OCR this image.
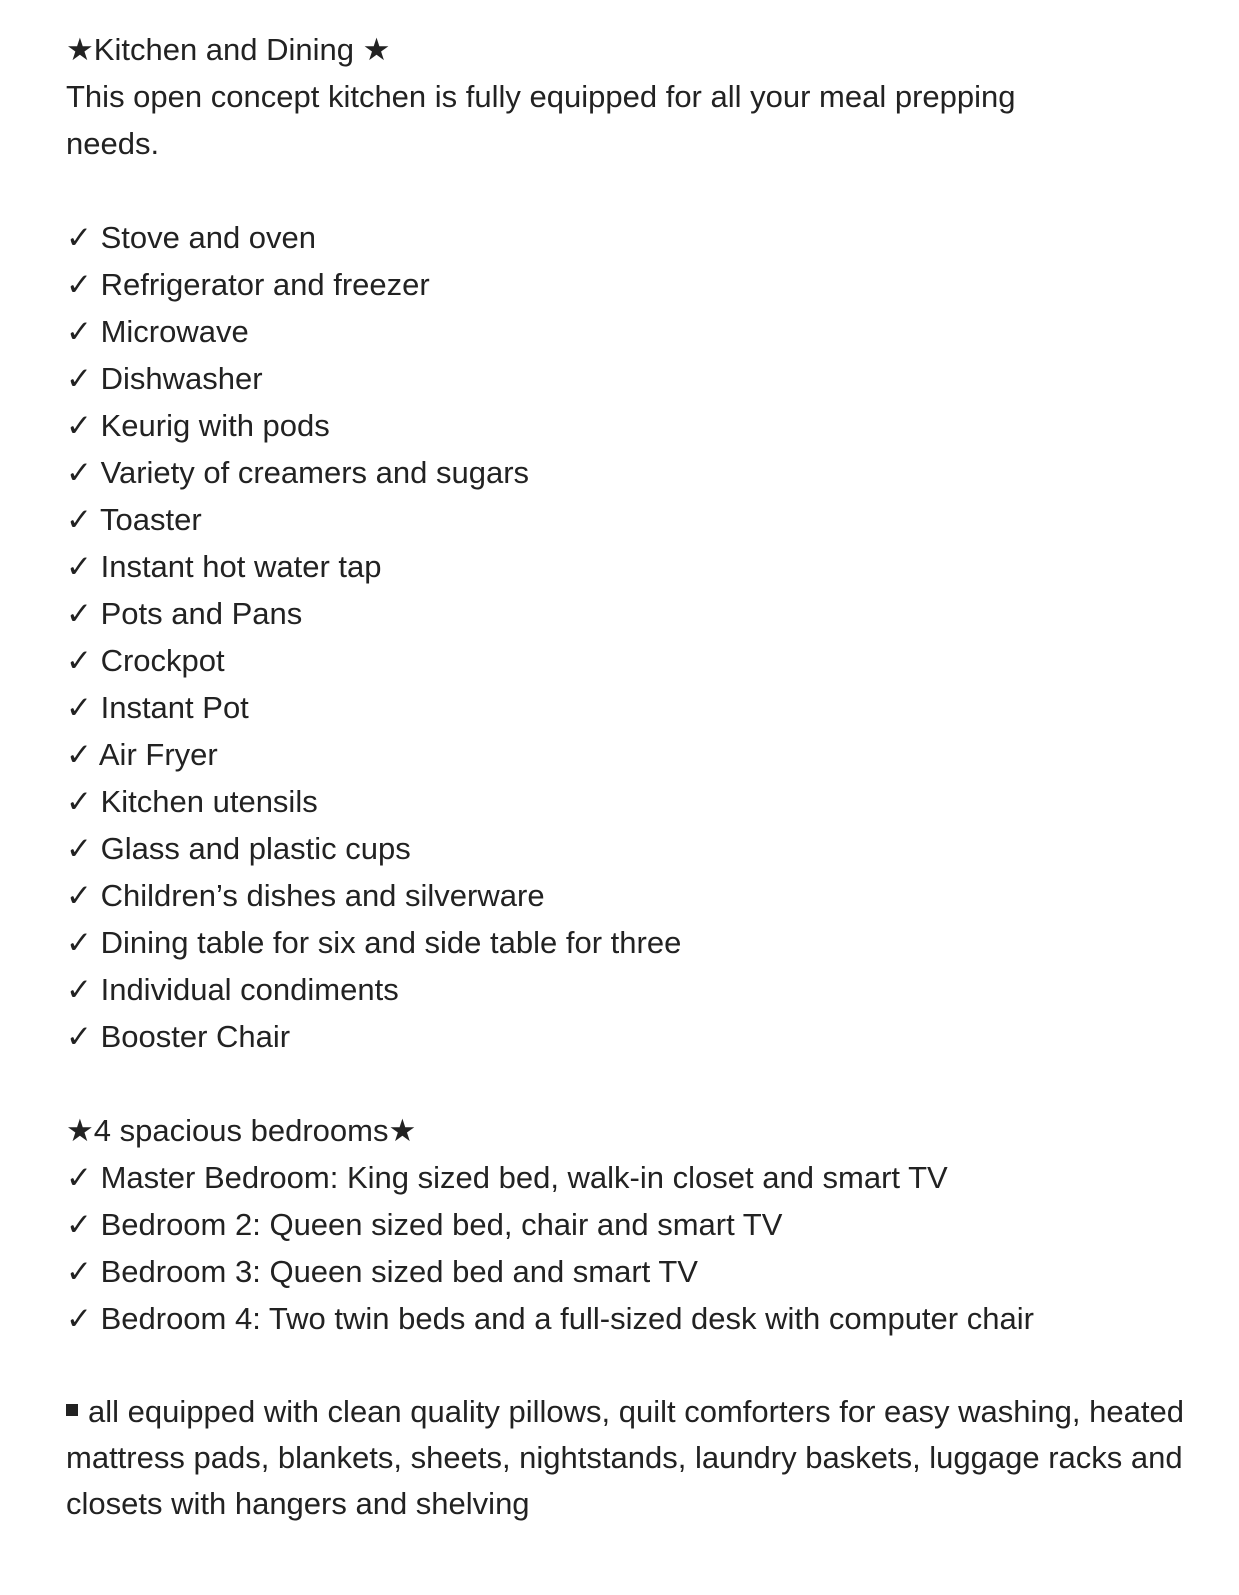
★Kitchen and Dining ★

This open concept kitchen is fully equipped for all your meal prepping needs.

✓ Stove and oven
✓ Refrigerator and freezer
✓ Microwave
✓ Dishwasher
✓ Keurig with pods
✓ Variety of creamers and sugars
✓ Toaster
✓ Instant hot water tap
✓ Pots and Pans
✓ Crockpot
✓ Instant Pot
✓ Air Fryer
✓ Kitchen utensils
✓ Glass and plastic cups
✓ Children’s dishes and silverware
✓ Dining table for six and side table for three
✓ Individual condiments
✓ Booster Chair

★4 spacious bedrooms★

✓ Master Bedroom: King sized bed, walk-in closet and smart TV
✓ Bedroom 2: Queen sized bed, chair and smart TV
✓ Bedroom 3: Queen sized bed and smart TV
✓ Bedroom 4: Two twin beds and a full-sized desk with computer chair

all equipped with clean quality pillows, quilt comforters for easy washing, heated mattress pads, blankets, sheets, nightstands, laundry baskets, luggage racks and closets with hangers and shelving
